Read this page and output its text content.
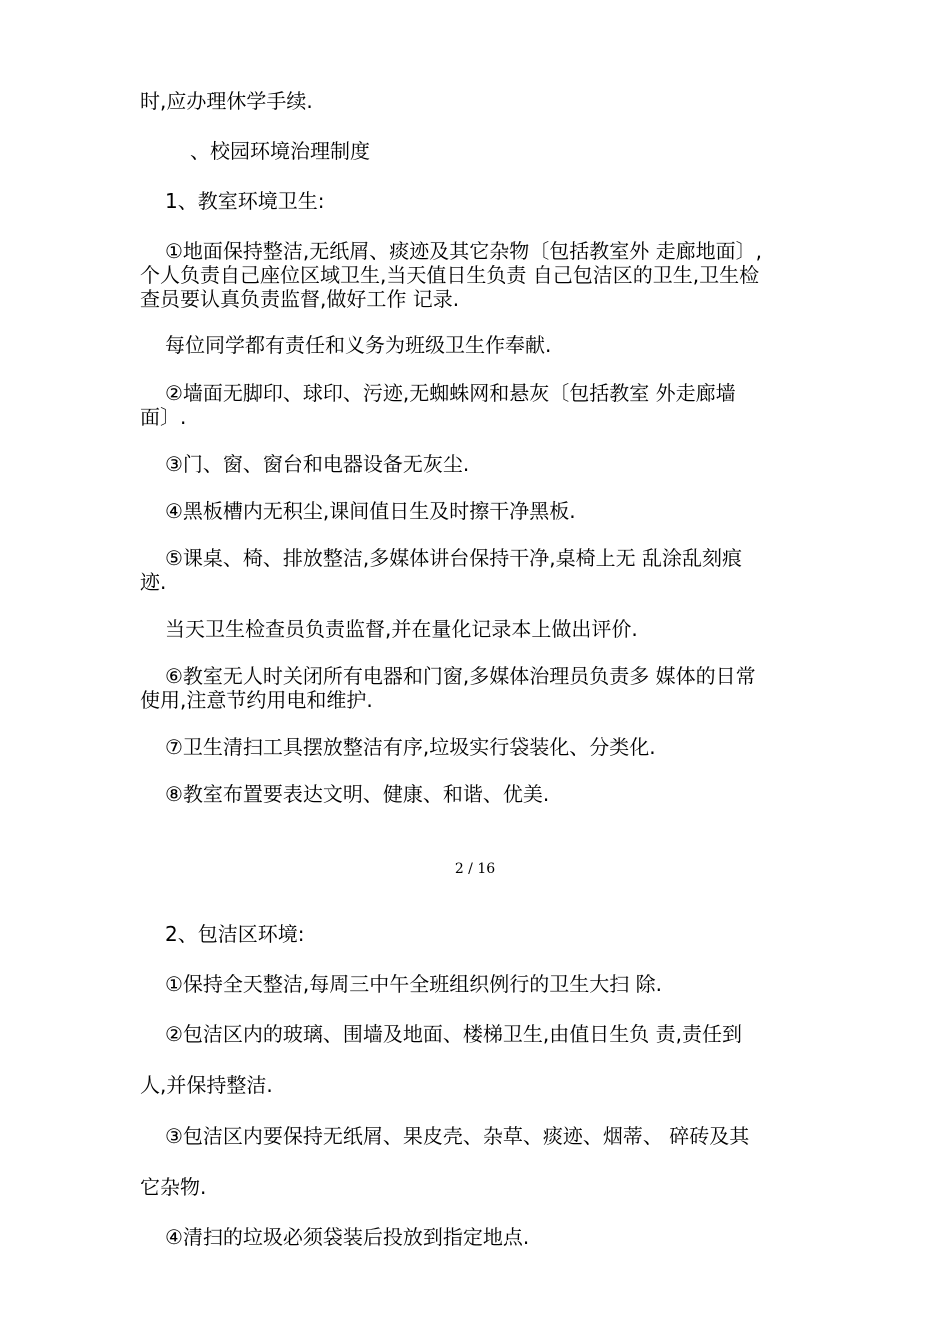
时,应办理休学手续.
、校园环境治理制度
1、教室环境卫生:
①地面保持整洁,无纸屑、痰迹及其它杂物〔包括教室外 走廊地面〕,
个人负责自己座位区域卫生,当天值日生负责 自己包洁区的卫生,卫生检
查员要认真负责监督,做好工作 记录.
每位同学都有责任和义务为班级卫生作奉献.
②墙面无脚印、球印、污迹,无蜘蛛网和悬灰〔包括教室 外走廊墙
面〕.
③门、窗、窗台和电器设备无灰尘.
④黑板槽内无积尘,课间值日生及时擦干净黑板.
⑤课桌、椅、排放整洁,多媒体讲台保持干净,桌椅上无 乱涂乱刻痕
迹.
当天卫生检查员负责监督,并在量化记录本上做出评价.
⑥教室无人时关闭所有电器和门窗,多媒体治理员负责多 媒体的日常
使用,注意节约用电和维护.
⑦卫生清扫工具摆放整洁有序,垃圾实行袋装化、分类化.
⑧教室布置要表达文明、健康、和谐、优美.
2 / 16
2、包洁区环境:
①保持全天整洁,每周三中午全班组织例行的卫生大扫 除.
②包洁区内的玻璃、围墙及地面、楼梯卫生,由值日生负 责,责任到
人,并保持整洁.
③包洁区内要保持无纸屑、果皮壳、杂草、痰迹、烟蒂、 碎砖及其
它杂物.
④清扫的垃圾必须袋装后投放到指定地点.
